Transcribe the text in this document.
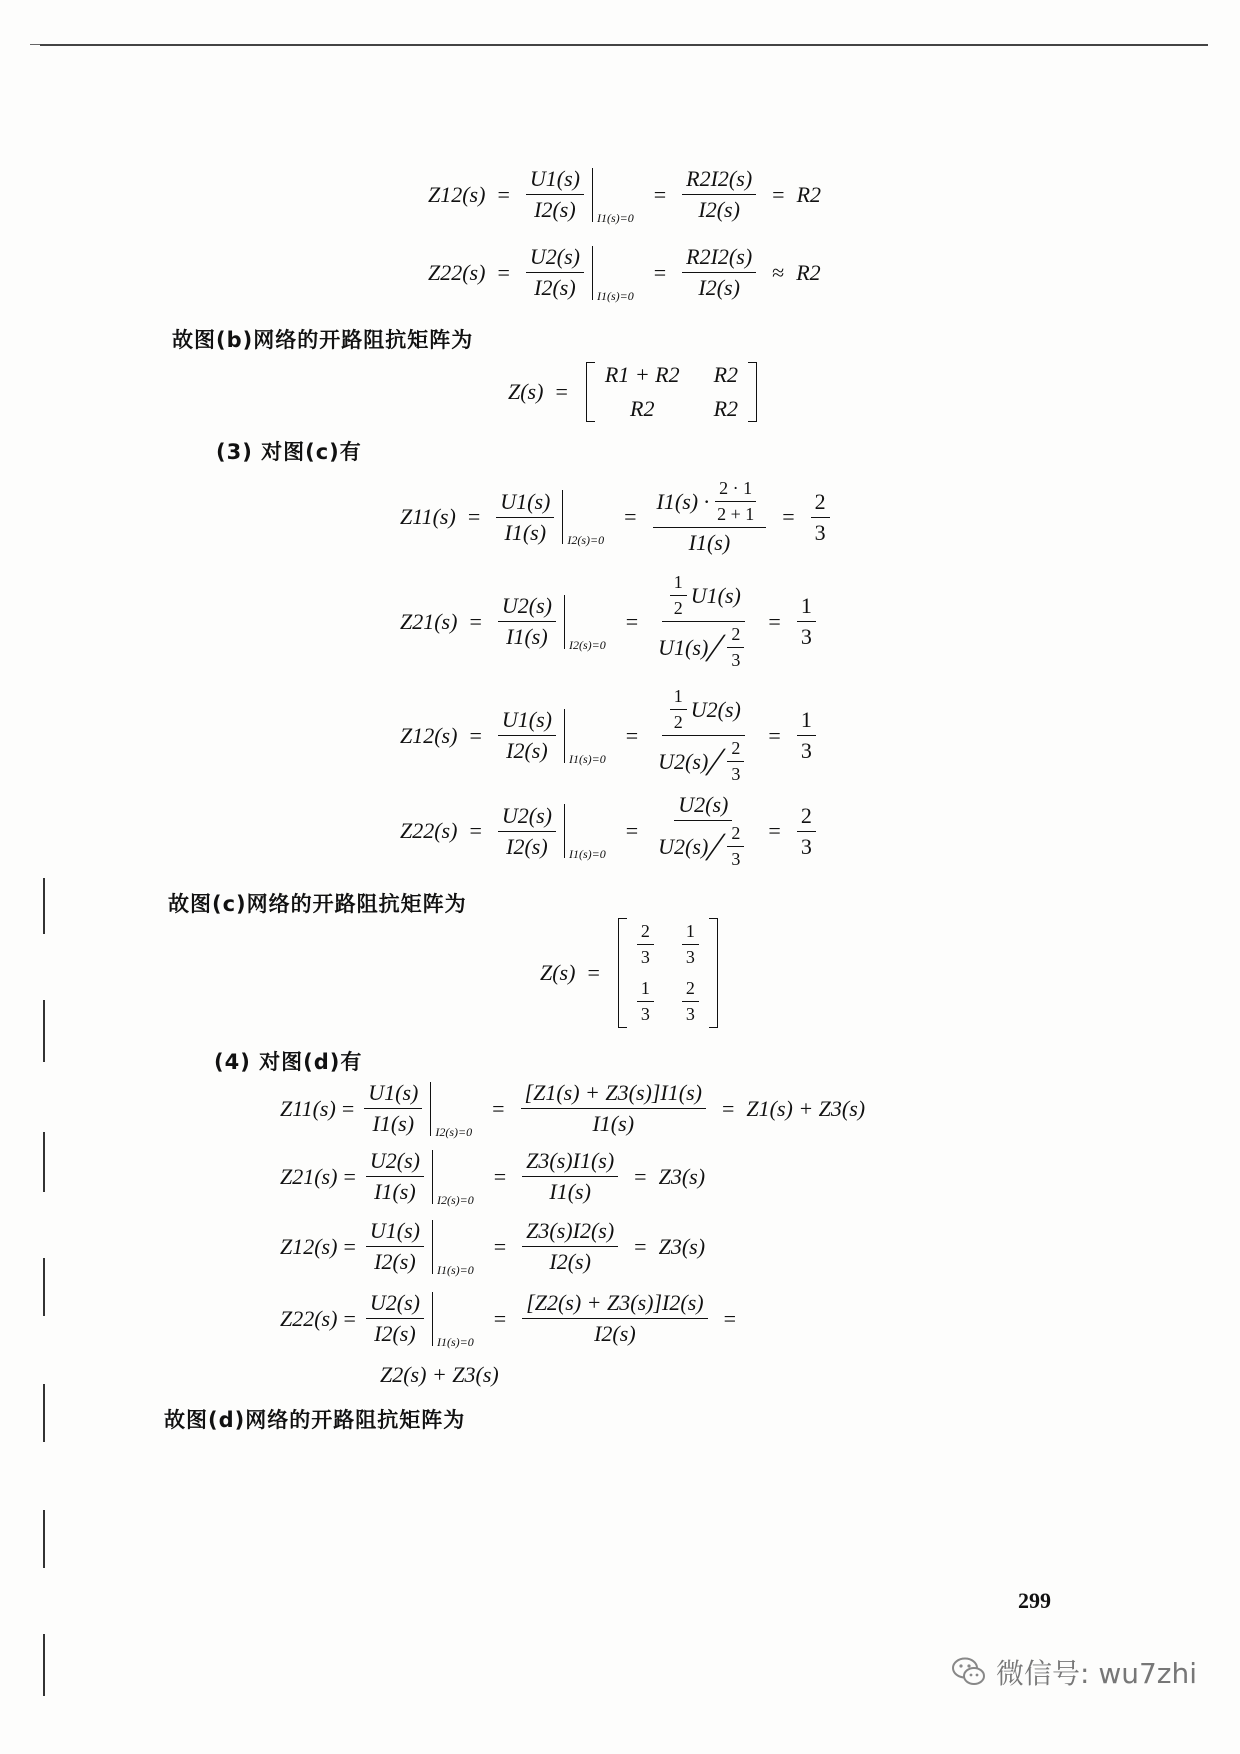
$Z12(s) = \frac{U1(s)}{I2(s)} I1(s)=0$
= $\frac{R2I2(s)}{I2(s)} = R2$
$Z22(s) = \frac{U2(s)}{I2(s)} I1(s)=0$
= $\frac{R2I2(s)}{I2(s)} \approx R2$
故图(b)网络的开路阻抗矩阵为
Z(s) =
R1 + R2 R2
R2	R2
(3) 对图(c)有
$Z11(s) = \frac{U1(s)}{I1(s)} I2(s)=0$
= $\frac{I1(s) \cdot \frac{2 \cdot 1}{2 + 1}}{I1(s)} = \frac{2}{3}$
$Z21(s) = \frac{U2(s)}{I1(s)} I2(s)=0$
= $\frac{1}{2} U1(s)$
U1(s)
/
$\frac{2}{3} = \frac{1}{3}$
$Z12(s) = \frac{U1(s)}{I2(s)} I1(s)=0$
= $\frac{1}{2} U2(s)$
U2(s)
/
$\frac{2}{3} = \frac{1}{3}$
$Z22(s) = \frac{U2(s)}{I2(s)} I1(s)=0$
= U2(s)
U2(s)
/
$\frac{2}{3} = \frac{2}{3}$
故图(c)网络的开路阻抗矩阵为
Z(s) =
$\frac{2}{3} \frac{1}{3}$
$\frac{1}{3} \frac{2}{3}$
(4) 对图(d)有
$Z11(s) = \frac{U1(s)}{I1(s)} I2(s)=0$
= $\frac{[Z1(s) + Z3(s)]I1(s)}{I1(s)} = Z1(s) + Z3(s)$
$Z21(s) = \frac{U2(s)}{I1(s)} I2(s)=0$
= $\frac{Z3(s)I1(s)}{I1(s)} = Z3(s)$
$Z12(s) = \frac{U1(s)}{I2(s)} I1(s)=0$
= $\frac{Z3(s)I2(s)}{I2(s)} = Z3(s)$
$Z22(s) = \frac{U2(s)}{I2(s)} I1(s)=0$
= $\frac{[Z2(s) + Z3(s)]I2(s)}{I2(s)}$ =
Z2(s) + Z3(s)
故图(d)网络的开路阻抗矩阵为
299
微信号: wu7zhi
